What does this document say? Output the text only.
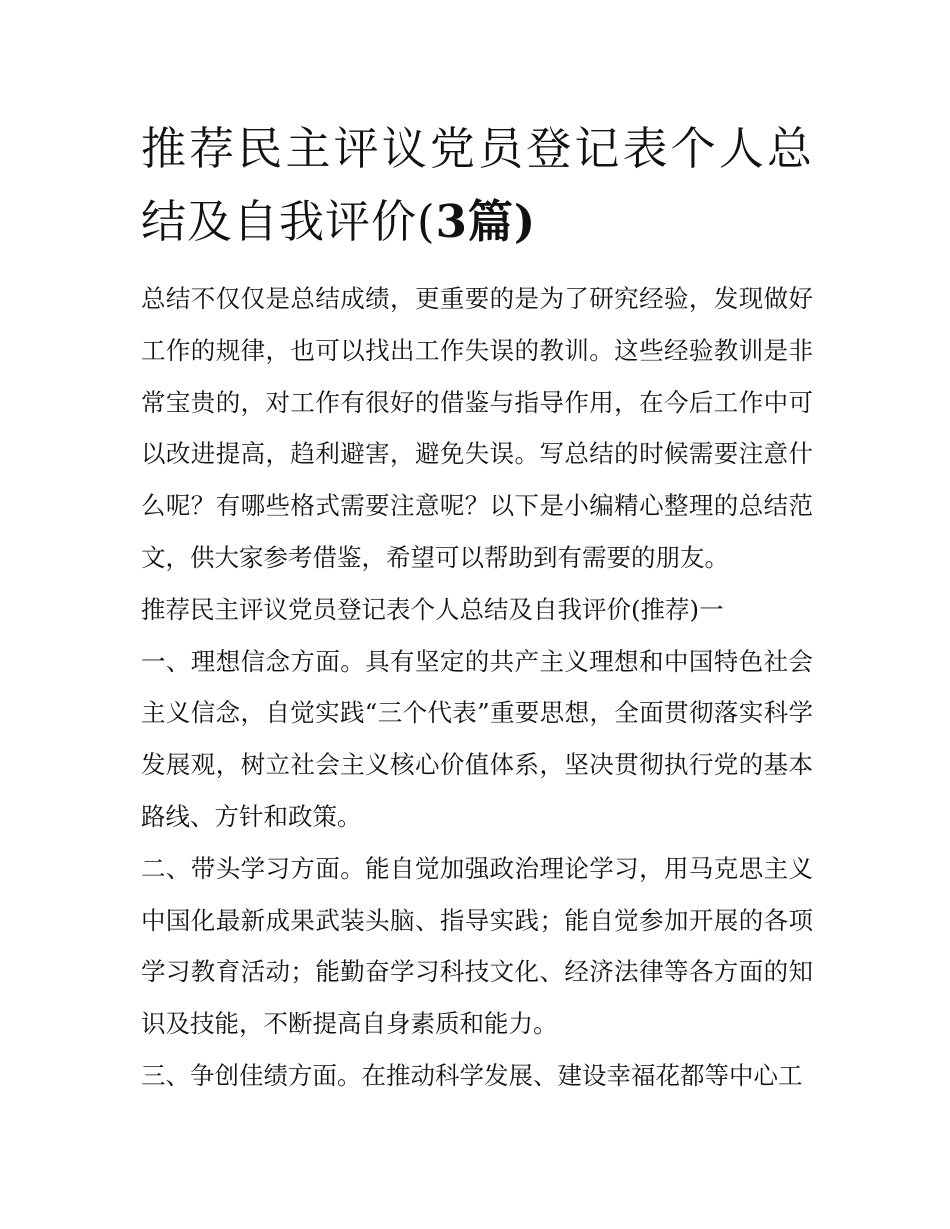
推荐民主评议党员登记表个人总结及自我评价(3篇)

总结不仅仅是总结成绩，更重要的是为了研究经验，发现做好工作的规律，也可以找出工作失误的教训。这些经验教训是非常宝贵的，对工作有很好的借鉴与指导作用，在今后工作中可以改进提高，趋利避害，避免失误。写总结的时候需要注意什么呢？有哪些格式需要注意呢？以下是小编精心整理的总结范文，供大家参考借鉴，希望可以帮助到有需要的朋友。

推荐民主评议党员登记表个人总结及自我评价(推荐)一

一、理想信念方面。具有坚定的共产主义理想和中国特色社会主义信念，自觉实践“三个代表”重要思想，全面贯彻落实科学发展观，树立社会主义核心价值体系，坚决贯彻执行党的基本路线、方针和政策。

二、带头学习方面。能自觉加强政治理论学习，用马克思主义中国化最新成果武装头脑、指导实践；能自觉参加开展的各项学习教育活动；能勤奋学习科技文化、经济法律等各方面的知识及技能，不断提高自身素质和能力。

三、争创佳绩方面。在推动科学发展、建设幸福花都等中心工
